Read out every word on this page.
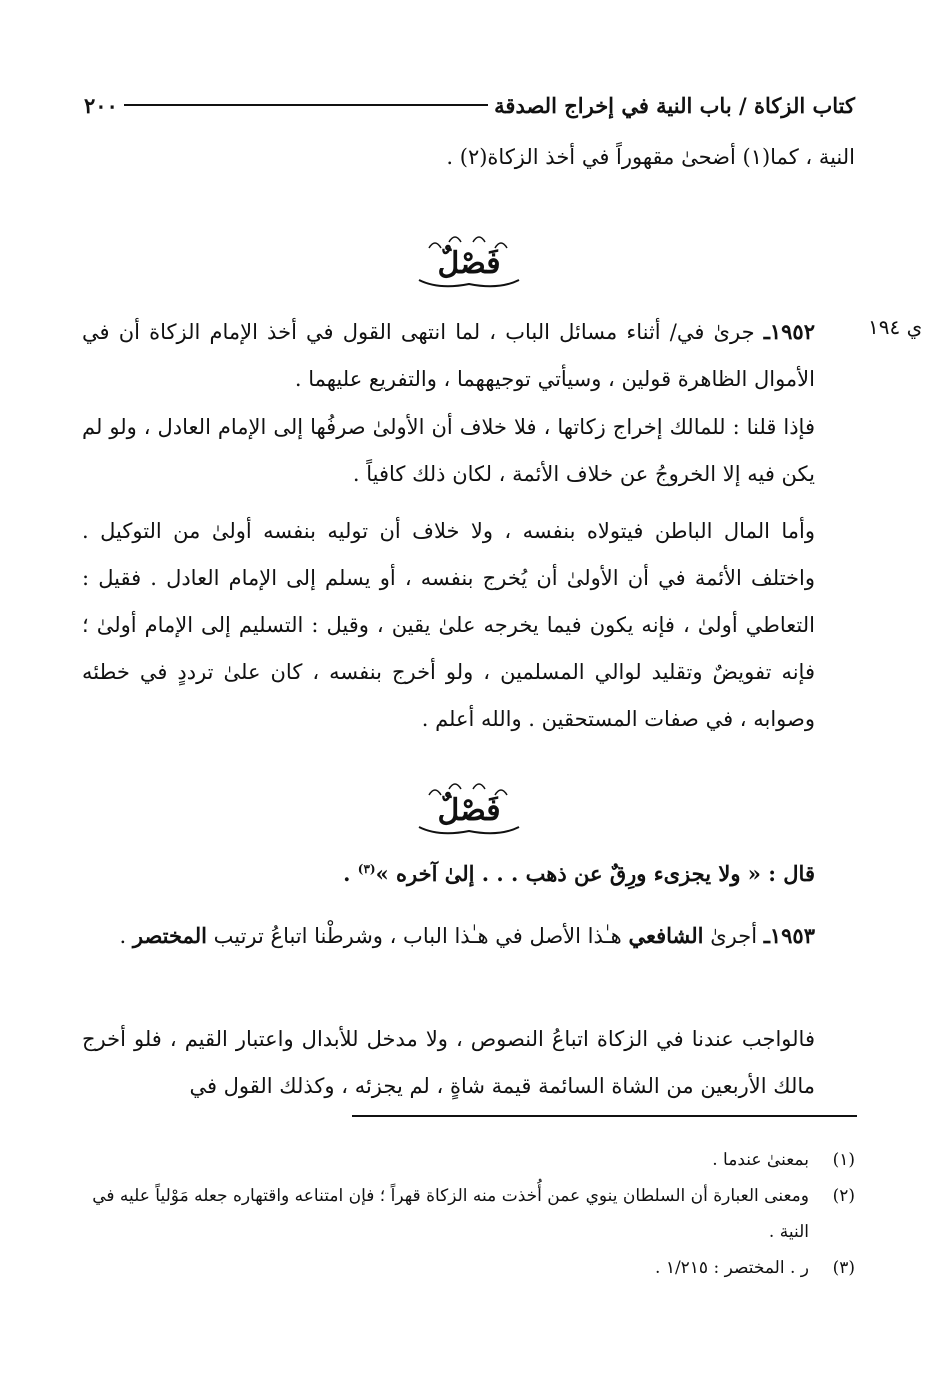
كتاب الزكاة / باب النية في إخراج الصدقة
٢٠٠

النية ، كما(١) أضحىٰ مقهوراً في أخذ الزكاة(٢) .

فَصْلٌ
ي ١٩٤

١٩٥٢ـ جرىٰ في/ أثناء مسائل الباب ، لما انتهى القول في أخذ الإمام الزكاة أن في الأموال الظاهرة قولين ، وسيأتي توجيههما ، والتفريع عليهما .

فإذا قلنا : للمالك إخراج زكاتها ، فلا خلاف أن الأولىٰ صرفُها إلى الإمام العادل ، ولو لم يكن فيه إلا الخروجُ عن خلاف الأئمة ، لكان ذلك كافياً .

وأما المال الباطن فيتولاه بنفسه ، ولا خلاف أن توليه بنفسه أولىٰ من التوكيل . واختلف الأئمة في أن الأولىٰ أن يُخرج بنفسه ، أو يسلم إلى الإمام العادل . فقيل : التعاطي أولىٰ ، فإنه يكون فيما يخرجه علىٰ يقين ، وقيل : التسليم إلى الإمام أولىٰ ؛ فإنه تفويضٌ وتقليد لوالي المسلمين ، ولو أخرج بنفسه ، كان علىٰ ترددٍ في خطئه وصوابه ، في صفات المستحقين . والله أعلم .

فَصْلٌ

قال : « ولا يجزىء ورِقٌ عن ذهب . . . إلىٰ آخره »$^{(٣)}$ .

١٩٥٣ـ أجرىٰ الشافعي هـٰذا الأصل في هـٰذا الباب ، وشرطْنا اتباعُ ترتيب المختصر .

فالواجب عندنا في الزكاة اتباعُ النصوص ، ولا مدخل للأبدال واعتبار القيم ، فلو أخرج مالك الأربعين من الشاة السائمة قيمة شاةٍ ، لم يجزئه ، وكذلك القول في

(١)
بمعنىٰ عندما .
(٢)
ومعنى العبارة أن السلطان ينوي عمن أُخذت منه الزكاة قهراً ؛ فإن امتناعه واقتهاره جعله مَوْلياً عليه في النية .
(٣)
ر . المختصر : ١/٢١٥ .
